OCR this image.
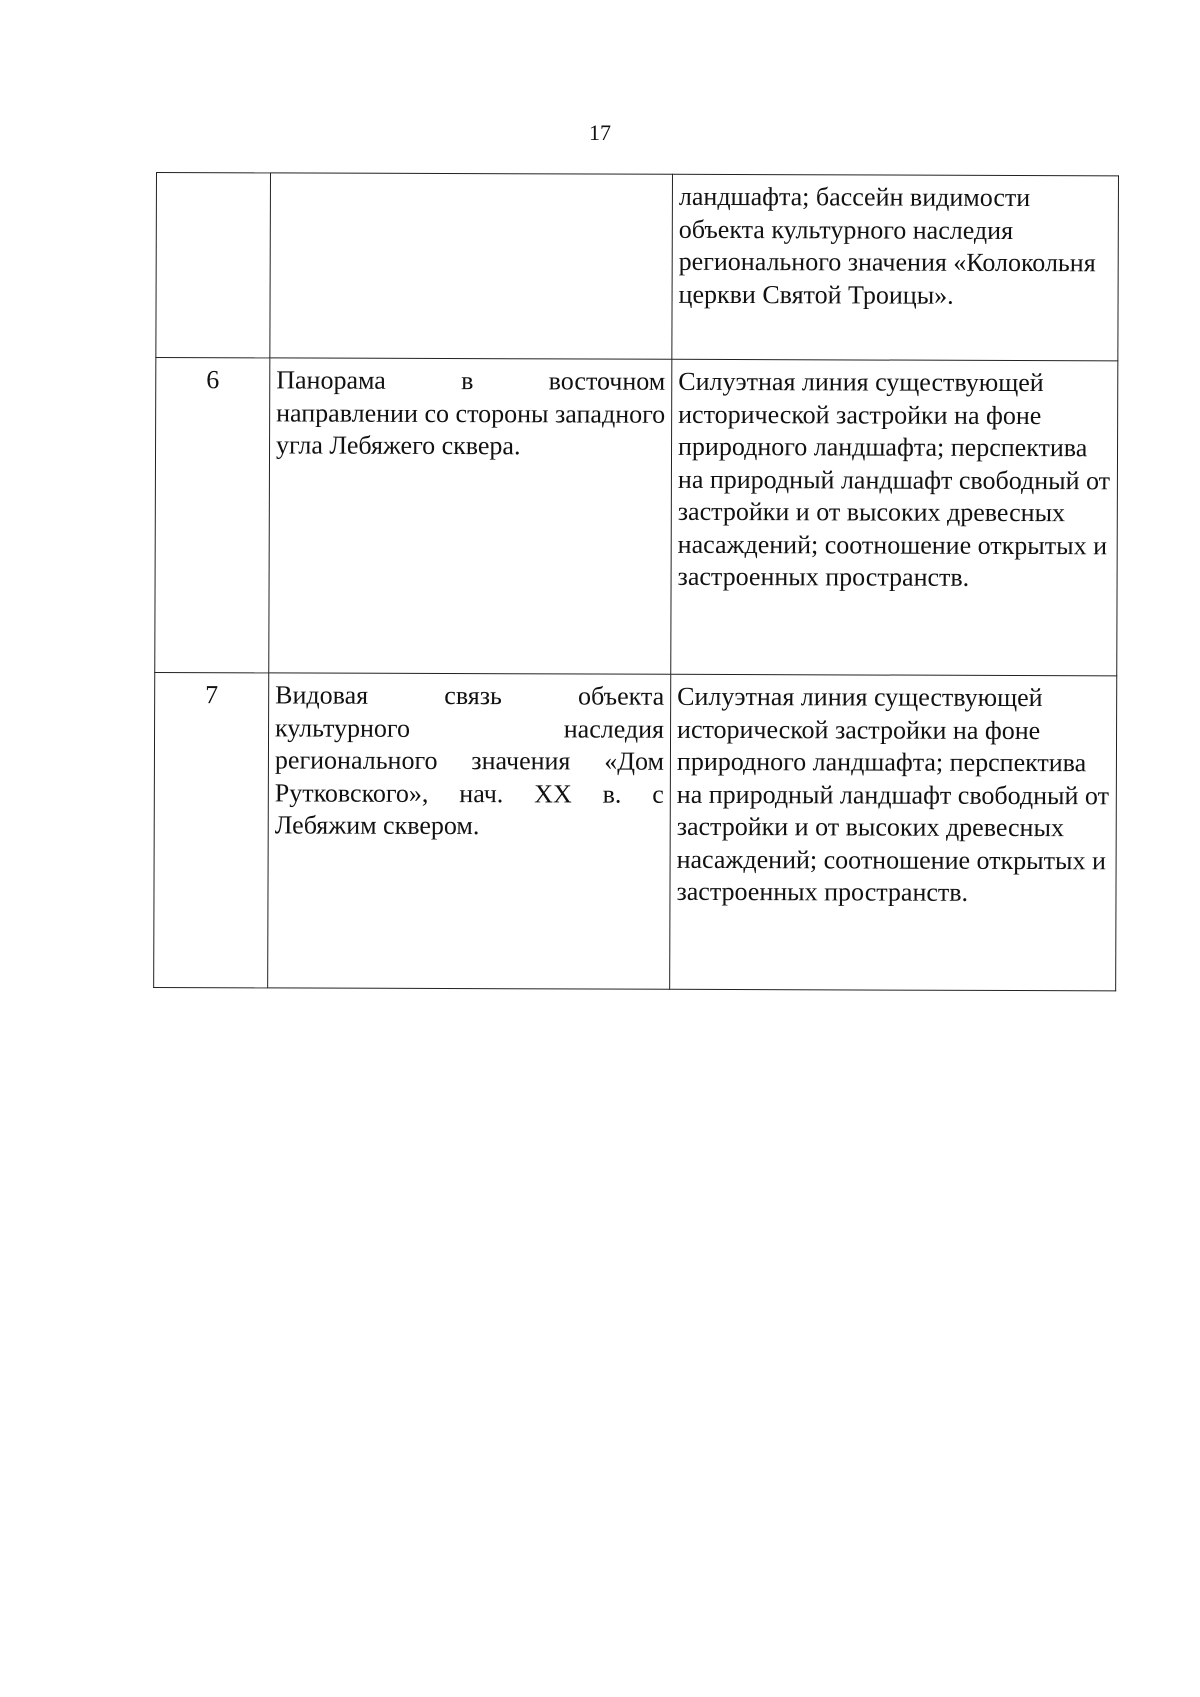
17
		ландшафта; бассейн видимости объекта культурного наследия регионального значения «Колокольня церкви Святой Троицы».
6	Панорама в восточном направлении со стороны западного угла Лебяжего сквера.	Силуэтная линия существующей исторической застройки на фоне природного ландшафта; перспектива на природный ландшафт свободный от застройки и от высоких древесных насаждений; соотношение открытых и застроенных пространств.
7	Видовая связь объекта культурного наследия регионального значения «Дом Рутковского», нач. XX в. с Лебяжим сквером.	Силуэтная линия существующей исторической застройки на фоне природного ландшафта; перспектива на природный ландшафт свободный от застройки и от высоких древесных насаждений; соотношение открытых и застроенных пространств.
